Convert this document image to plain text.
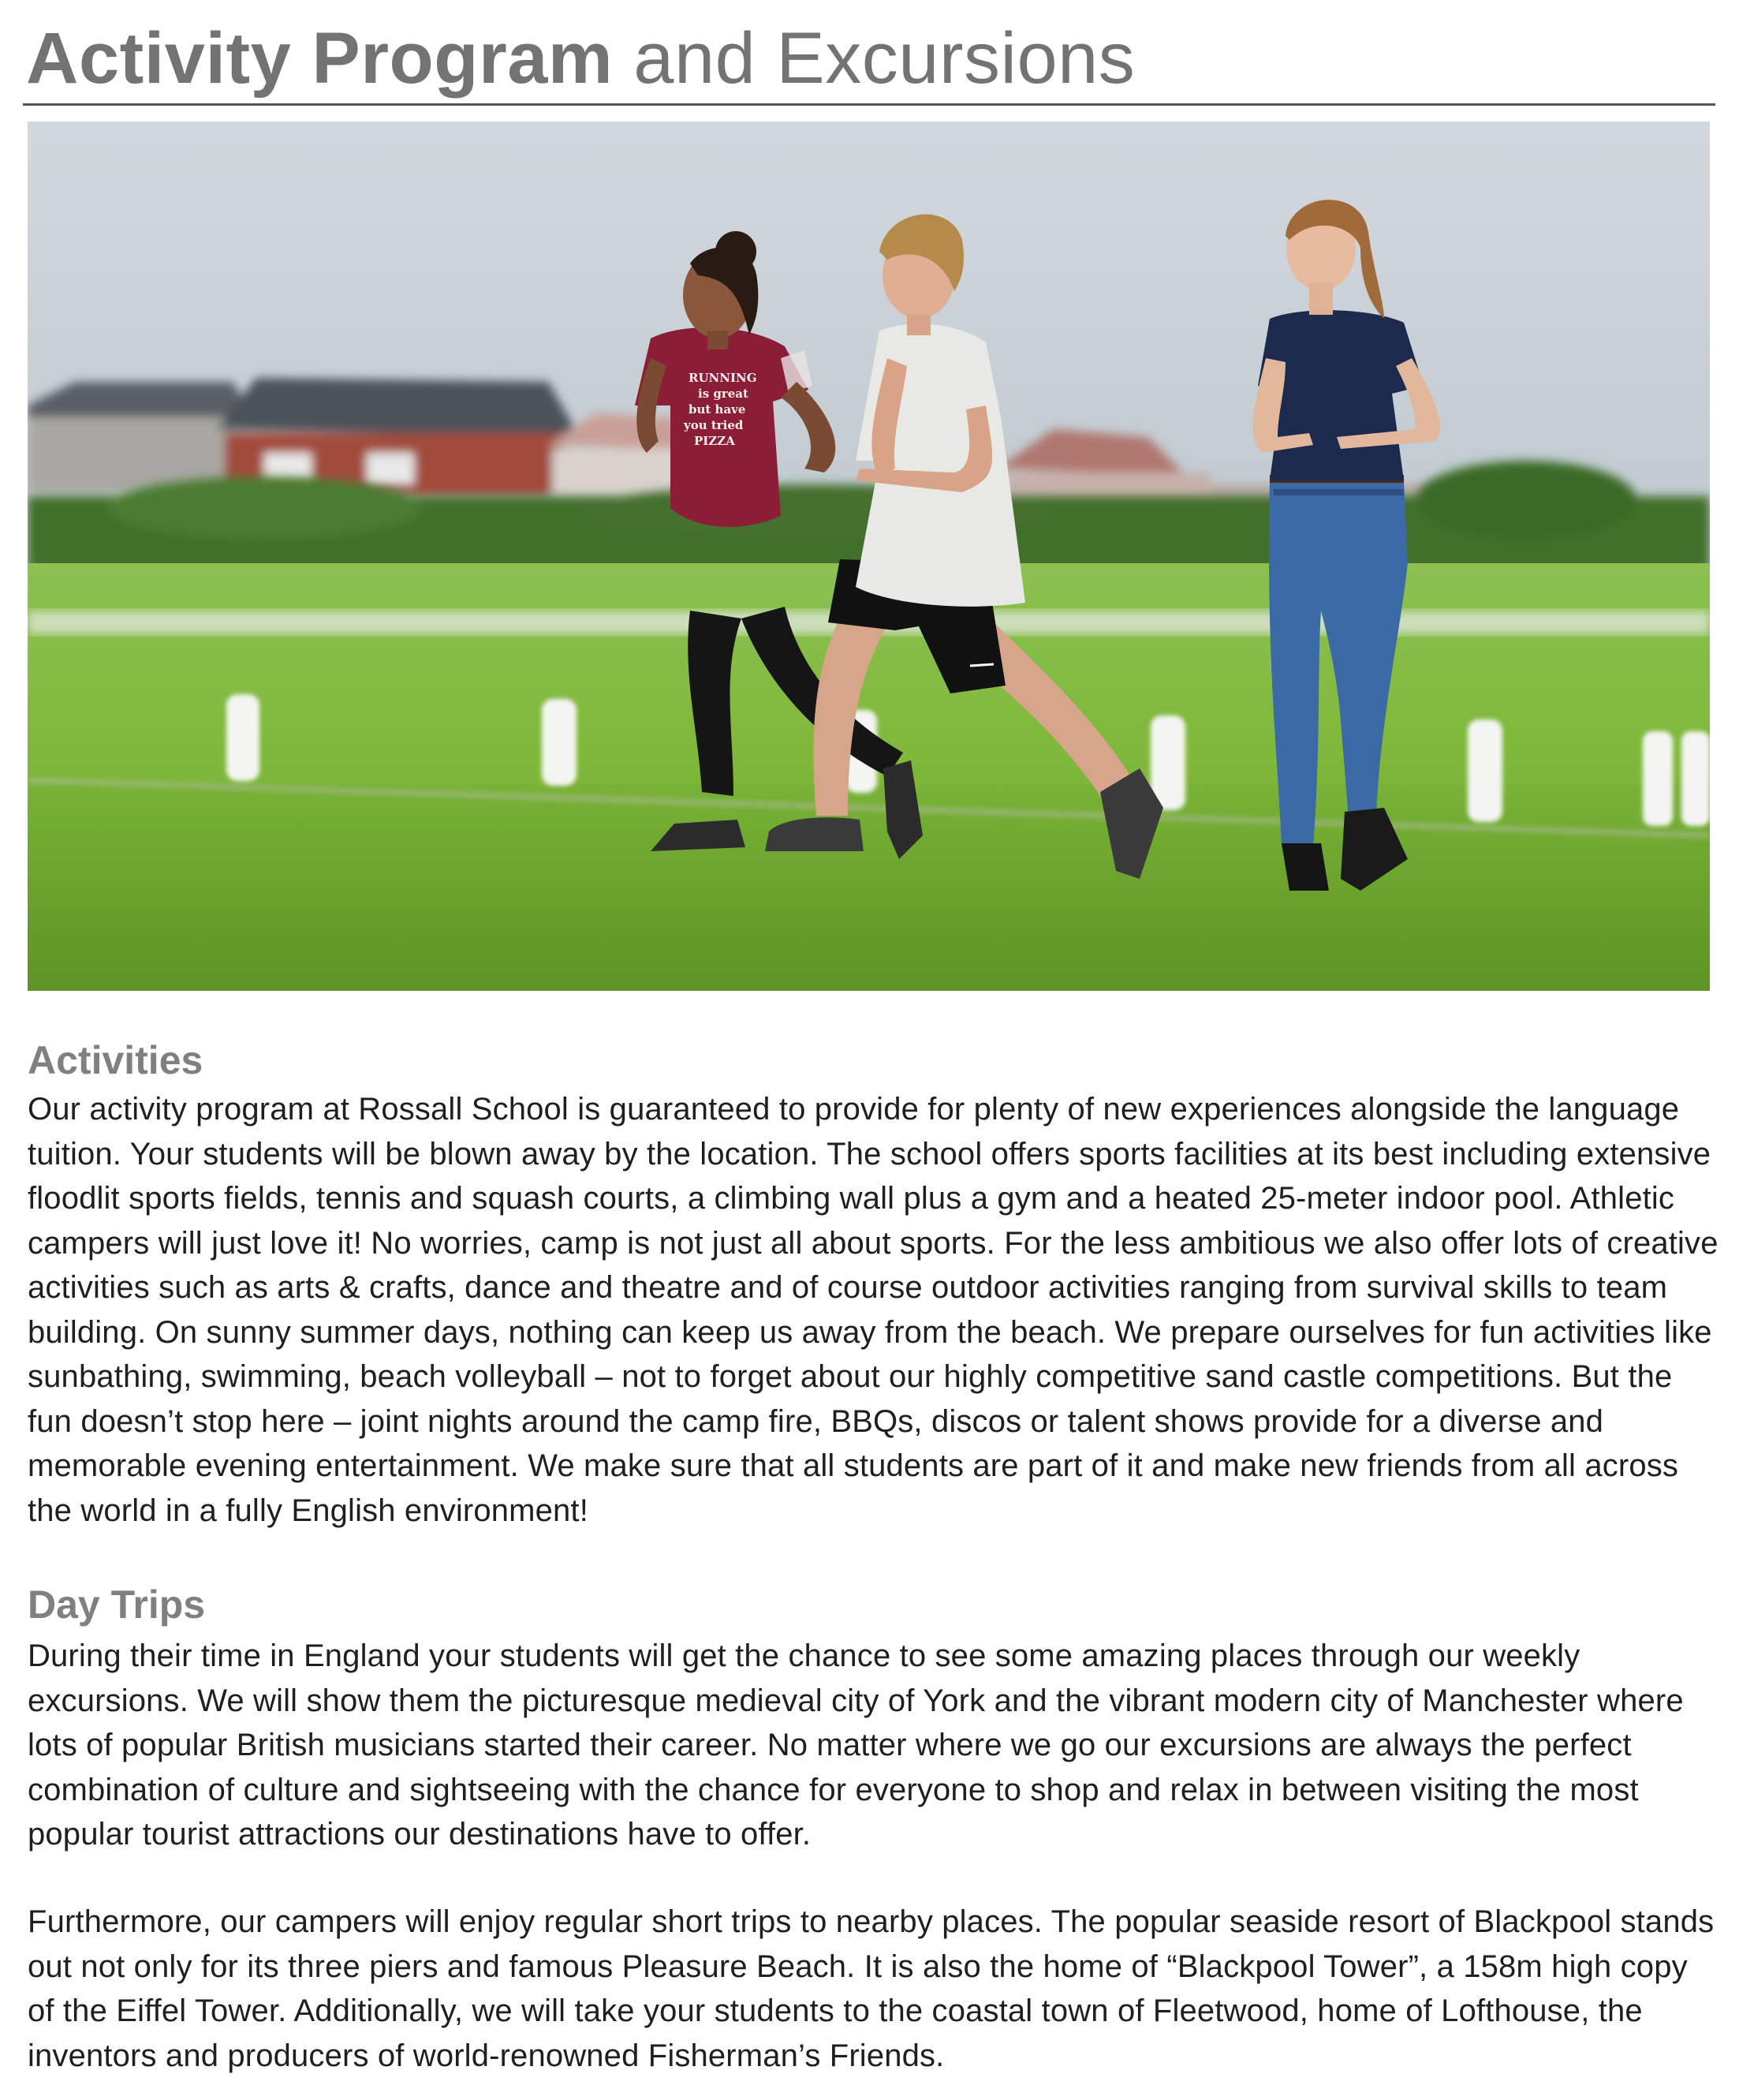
Activity Program and Excursions
RUNNING
is great
but have
you tried
PIZZA
Activities

Our activity program at Rossall School is guaranteed to provide for plenty of new experiences alongside the language tuition. Your students will be blown away by the location. The school offers sports facilities at its best including extensive floodlit sports fields, tennis and squash courts, a climbing wall plus a gym and a heated 25-meter indoor pool. Athletic campers will just love it! No worries, camp is not just all about sports. For the less ambitious we also offer lots of creative activities such as arts & crafts, dance and theatre and of course outdoor activities ranging from survival skills to team building. On sunny summer days, nothing can keep us away from the beach. We prepare ourselves for fun activities like sunbathing, swimming, beach volleyball – not to forget about our highly competitive sand castle competitions. But the fun doesn’t stop here – joint nights around the camp fire, BBQs, discos or talent shows provide for a diverse and memorable evening entertainment. We make sure that all students are part of it and make new friends from all across the world in a fully English environment!

Day Trips

During their time in England your students will get the chance to see some amazing places through our weekly excursions. We will show them the picturesque medieval city of York and the vibrant modern city of Manchester where lots of popular British musicians started their career. No matter where we go our excursions are always the perfect combination of culture and sightseeing with the chance for everyone to shop and relax in between visiting the most popular tourist attractions our destinations have to offer.

Furthermore, our campers will enjoy regular short trips to nearby places. The popular seaside resort of Blackpool stands out not only for its three piers and famous Pleasure Beach. It is also the home of “Blackpool Tower”, a 158m high copy of the Eiffel Tower. Additionally, we will take your students to the coastal town of Fleetwood, home of Lofthouse, the inventors and producers of world-renowned Fisherman’s Friends.
